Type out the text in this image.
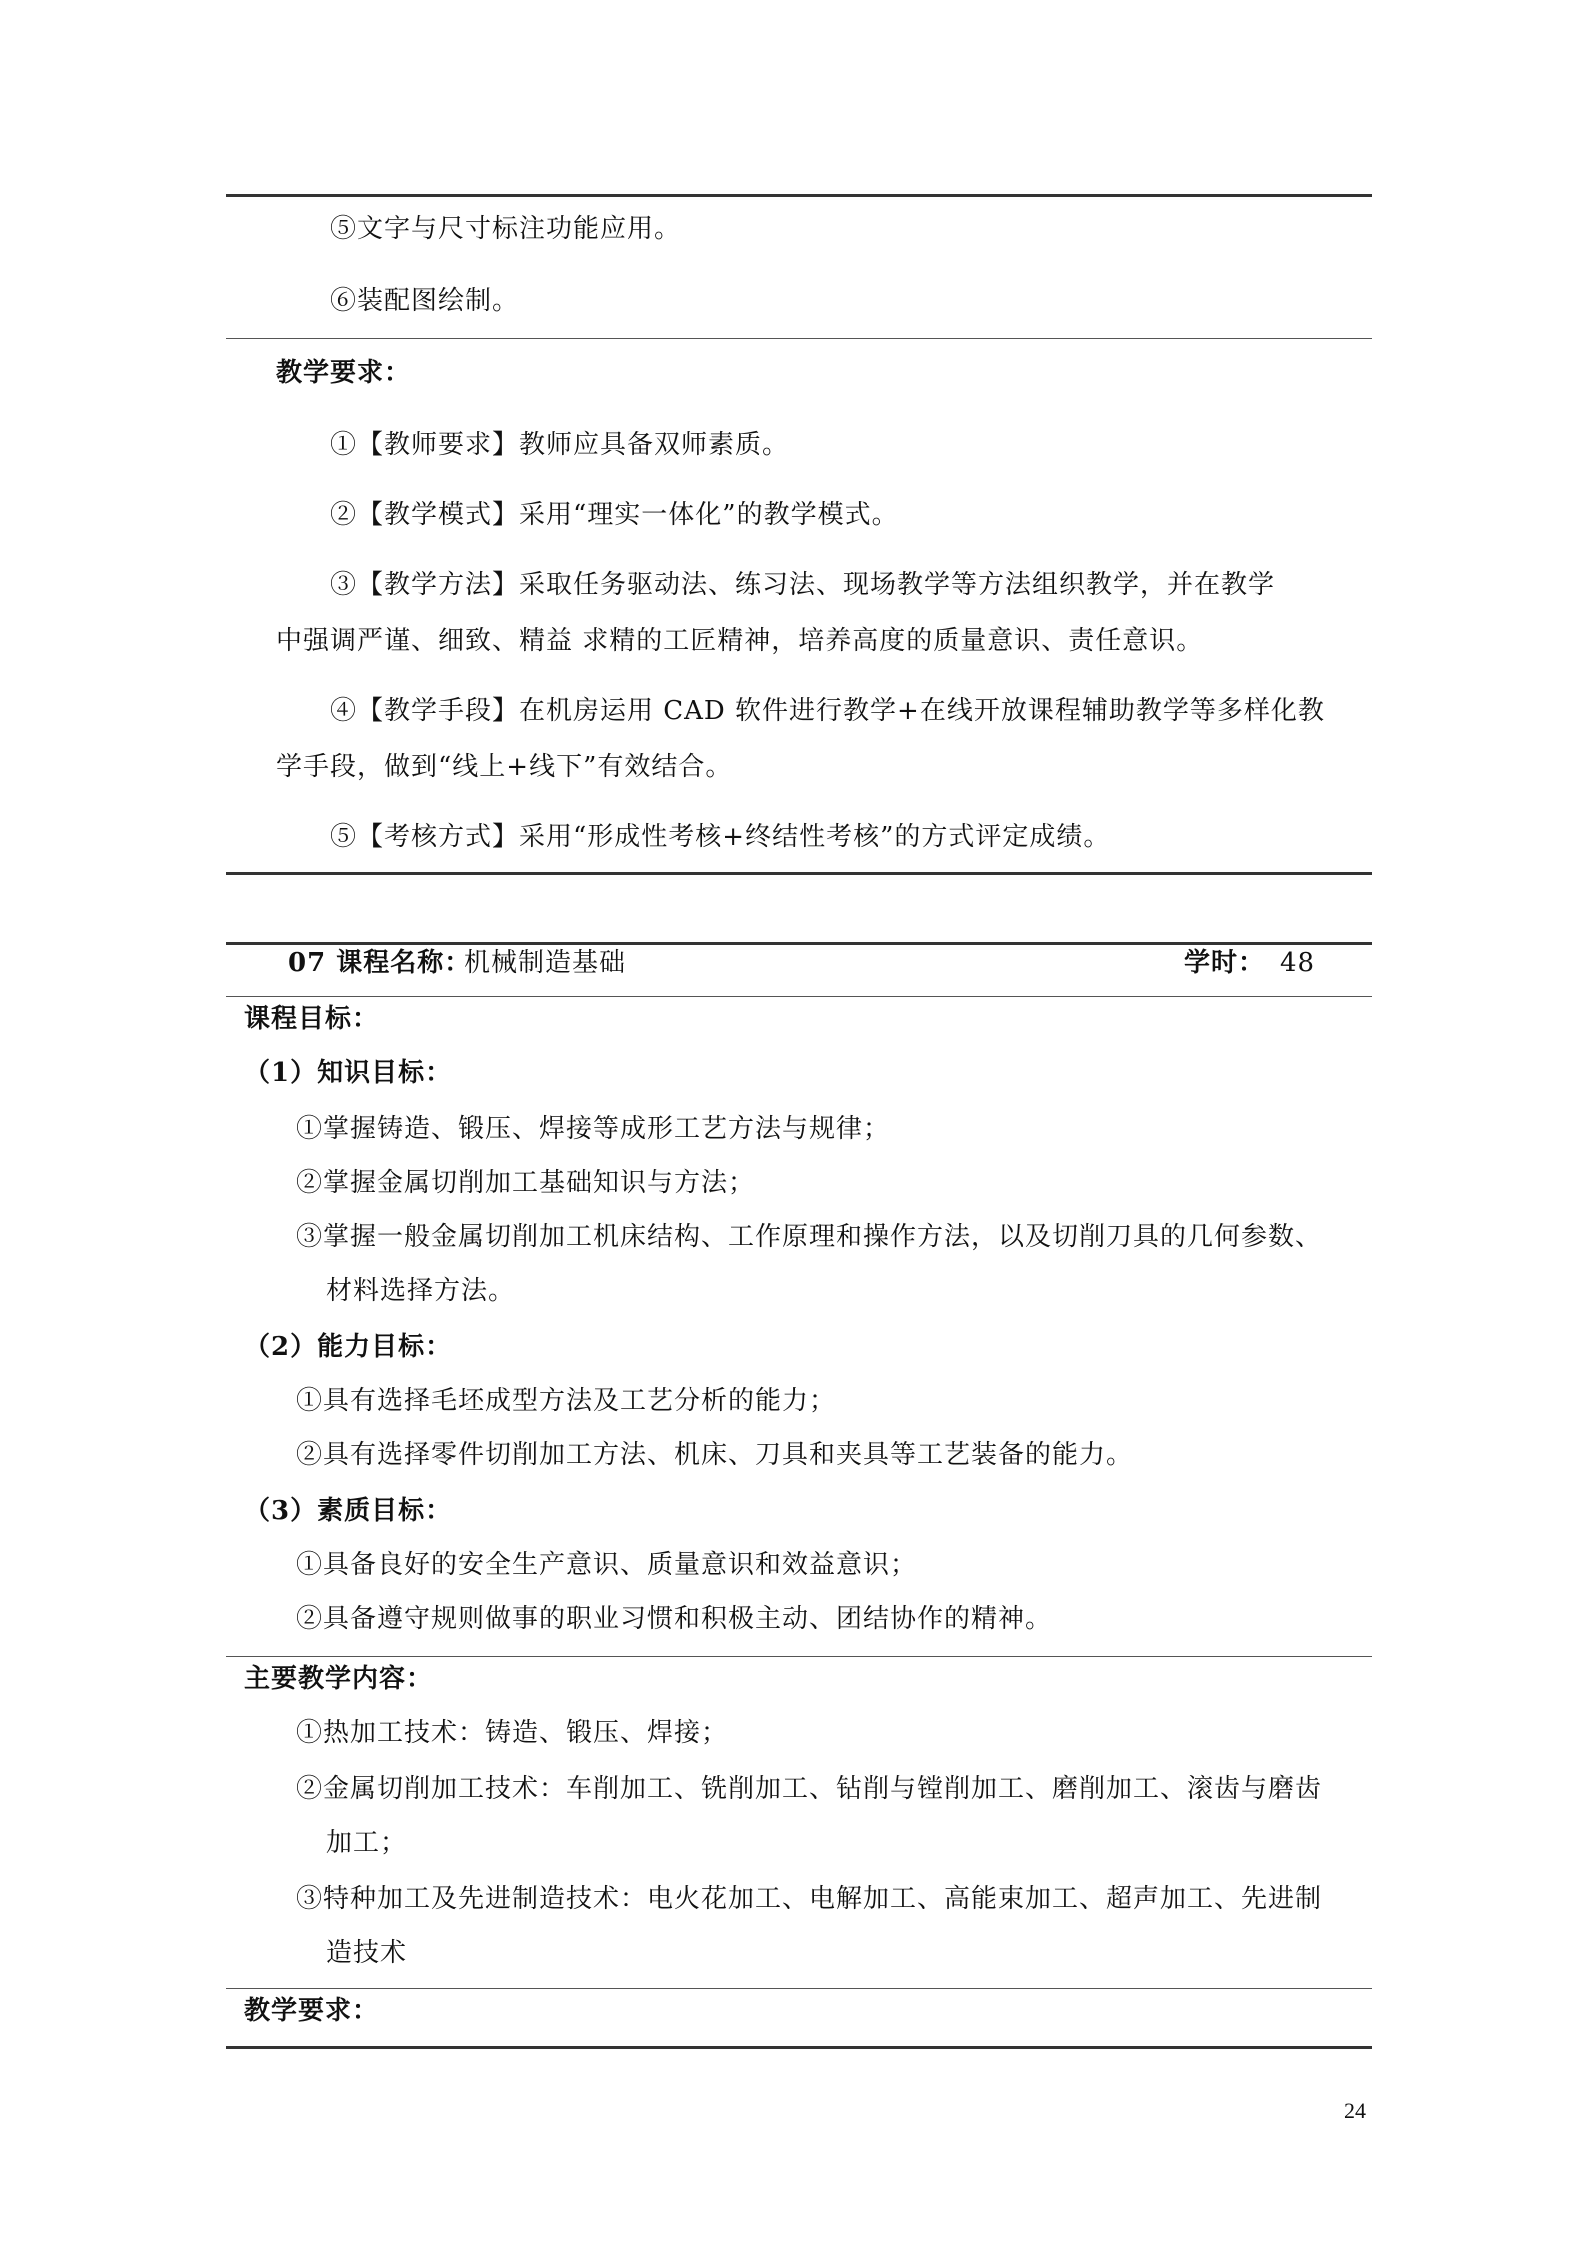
⑤文字与尺寸标注功能应用。
⑥装配图绘制。
教学要求：
①【教师要求】教师应具备双师素质。
②【教学模式】采用“理实一体化”的教学模式。
③【教学方法】采取任务驱动法、练习法、现场教学等方法组织教学，并在教学
中强调严谨、细致、精益 求精的工匠精神，培养高度的质量意识、责任意识。
④【教学手段】在机房运用 CAD 软件进行教学+在线开放课程辅助教学等多样化教
学手段，做到“线上+线下”有效结合。
⑤【考核方式】采用“形成性考核+终结性考核”的方式评定成绩。
07 课程名称：
机械制造基础	学时： 48
课程目标：
（1）知识目标：
①掌握铸造、锻压、焊接等成形工艺方法与规律；
②掌握金属切削加工基础知识与方法；
③掌握一般金属切削加工机床结构、工作原理和操作方法，以及切削刀具的几何参数、
材料选择方法。
（2）能力目标：
①具有选择毛坯成型方法及工艺分析的能力；
②具有选择零件切削加工方法、机床、刀具和夹具等工艺装备的能力。
（3）素质目标：
①具备良好的安全生产意识、质量意识和效益意识；
②具备遵守规则做事的职业习惯和积极主动、团结协作的精神。
主要教学内容：
①热加工技术：铸造、锻压、焊接；
②金属切削加工技术：车削加工、铣削加工、钻削与镗削加工、磨削加工、滚齿与磨齿
加工；
③特种加工及先进制造技术：电火花加工、电解加工、高能束加工、超声加工、先进制
造技术
教学要求：
24
